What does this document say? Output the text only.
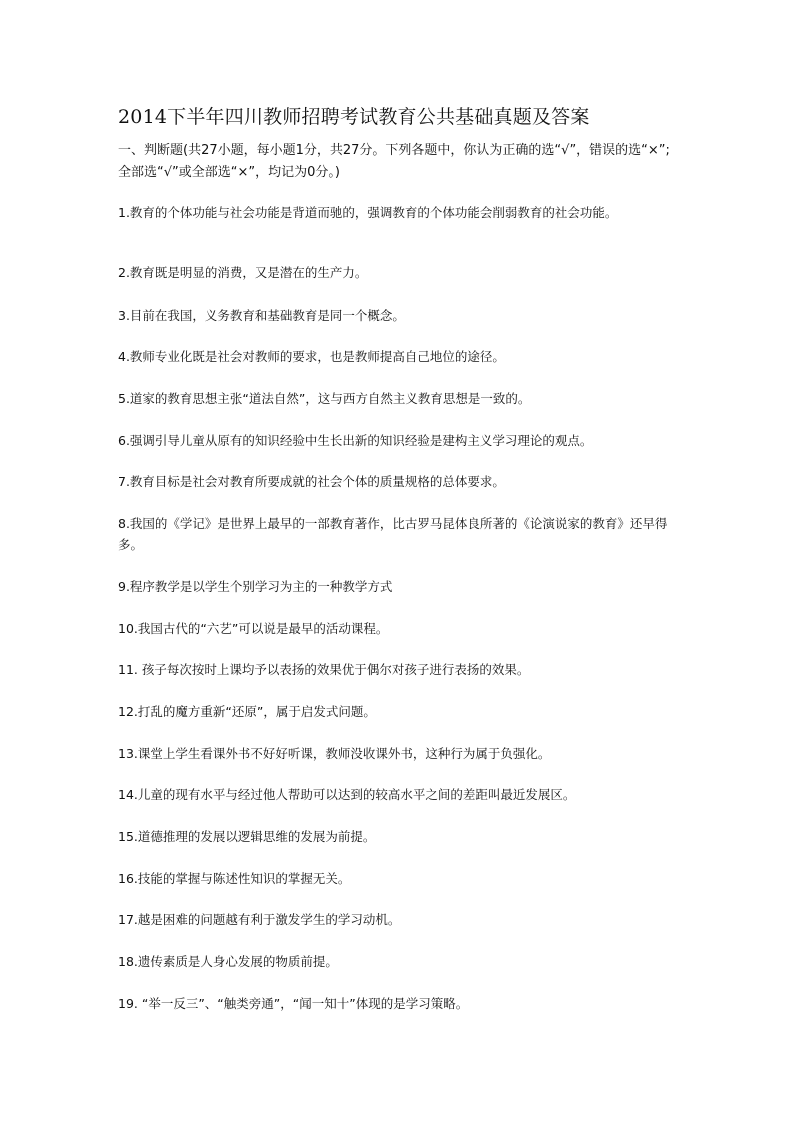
2014下半年四川教师招聘考试教育公共基础真题及答案
一、判断题(共27小题，每小题1分，共27分。下列各题中，你认为正确的选“√”，错误的选“×”;全部选“√”或全部选“×”，均记为0分。)
1.教育的个体功能与社会功能是背道而驰的，强调教育的个体功能会削弱教育的社会功能。
2.教育既是明显的消费，又是潜在的生产力。
3.目前在我国，义务教育和基础教育是同一个概念。
4.教师专业化既是社会对教师的要求，也是教师提高自己地位的途径。
5.道家的教育思想主张“道法自然”，这与西方自然主义教育思想是一致的。
6.强调引导儿童从原有的知识经验中生长出新的知识经验是建构主义学习理论的观点。
7.教育目标是社会对教育所要成就的社会个体的质量规格的总体要求。
8.我国的《学记》是世界上最早的一部教育著作，比古罗马昆体良所著的《论演说家的教育》还早得多。
9.程序教学是以学生个别学习为主的一种教学方式
10.我国古代的“六艺”可以说是最早的活动课程。
11. 孩子每次按时上课均予以表扬的效果优于偶尔对孩子进行表扬的效果。
12.打乱的魔方重新“还原”，属于启发式问题。
13.课堂上学生看课外书不好好听课，教师没收课外书，这种行为属于负强化。
14.儿童的现有水平与经过他人帮助可以达到的较高水平之间的差距叫最近发展区。
15.道德推理的发展以逻辑思维的发展为前提。
16.技能的掌握与陈述性知识的掌握无关。
17.越是困难的问题越有利于激发学生的学习动机。
18.遗传素质是人身心发展的物质前提。
19. “举一反三”、“触类旁通”，“闻一知十”体现的是学习策略。
